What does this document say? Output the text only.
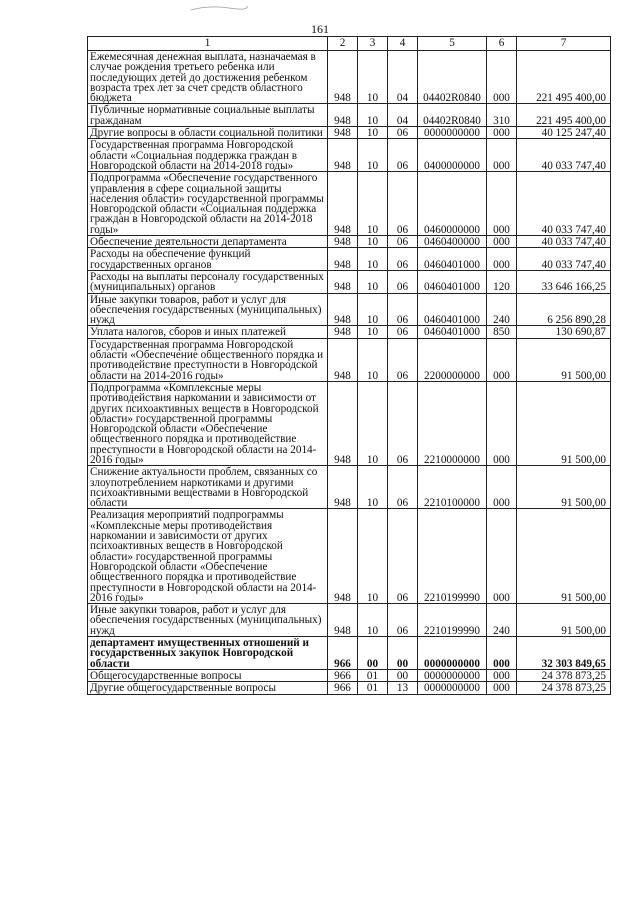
161
1	2	3	4	5	6	7
Ежемесячная денежная выплата, назначаемая в случае рождения третьего ребенка или последующих детей до достижения ребенком возраста трех лет за счет средств областного бюджета	948	10	04	04402R0840	000	221 495 400,00
Публичные нормативные социальные выплаты гражданам	948	10	04	04402R0840	310	221 495 400,00
Другие вопросы в области социальной политики	948	10	06	0000000000	000	40 125 247,40
Государственная программа Новгородской области «Социальная поддержка граждан в Новгородской области на 2014-2018 годы»	948	10	06	0400000000	000	40 033 747,40
Подпрограмма «Обеспечение государственного управления в сфере социальной защиты населения области» государственной программы Новгородской области «Социальная поддержка граждан в Новгородской области на 2014-2018 годы»	948	10	06	0460000000	000	40 033 747,40
Обеспечение деятельности департамента	948	10	06	0460400000	000	40 033 747,40
Расходы на обеспечение функций государственных органов	948	10	06	0460401000	000	40 033 747,40
Расходы на выплаты персоналу государственных (муниципальных) органов	948	10	06	0460401000	120	33 646 166,25
Иные закупки товаров, работ и услуг для обеспечения государственных (муниципальных) нужд	948	10	06	0460401000	240	6 256 890,28
Уплата налогов, сборов и иных платежей	948	10	06	0460401000	850	130 690,87
Государственная программа Новгородской области «Обеспечение общественного порядка и противодействие преступности в Новгородской области на 2014-2016 годы»	948	10	06	2200000000	000	91 500,00
Подпрограмма «Комплексные меры противодействия наркомании и зависимости от других психоактивных веществ в Новгородской области» государственной программы Новгородской области «Обеспечение общественного порядка и противодействие преступности в Новгородской области на 2014-2016 годы»	948	10	06	2210000000	000	91 500,00
Снижение актуальности проблем, связанных со злоупотреблением наркотиками и другими психоактивными веществами в Новгородской области	948	10	06	2210100000	000	91 500,00
Реализация мероприятий подпрограммы «Комплексные меры противодействия наркомании и зависимости от других психоактивных веществ в Новгородской области» государственной программы Новгородской области «Обеспечение общественного порядка и противодействие преступности в Новгородской области на 2014-2016 годы»	948	10	06	2210199990	000	91 500,00
Иные закупки товаров, работ и услуг для обеспечения государственных (муниципальных) нужд	948	10	06	2210199990	240	91 500,00
департамент имущественных отношений и государственных закупок Новгородской области	966	00	00	0000000000	000	32 303 849,65
Общегосударственные вопросы	966	01	00	0000000000	000	24 378 873,25
Другие общегосударственные вопросы	966	01	13	0000000000	000	24 378 873,25
